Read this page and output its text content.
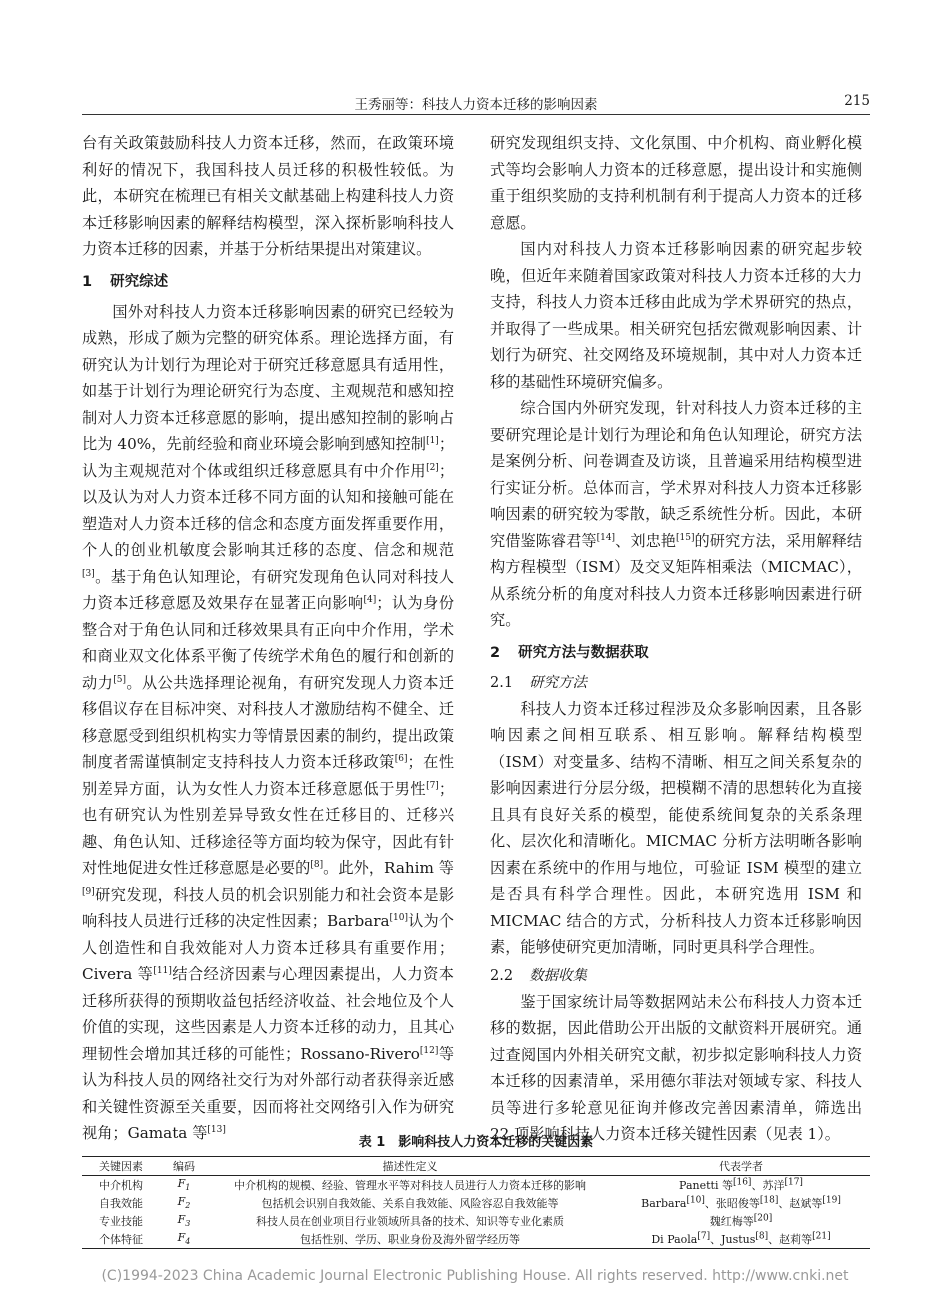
王秀丽等：科技人力资本迁移的影响因素	215

台有关政策鼓励科技人力资本迁移，然而，在政策环境利好的情况下，我国科技人员迁移的积极性较低。为此，本研究在梳理已有相关文献基础上构建科技人力资本迁移影响因素的解释结构模型，深入探析影响科技人力资本迁移的因素，并基于分析结果提出对策建议。

1 研究综述

国外对科技人力资本迁移影响因素的研究已经较为成熟，形成了颇为完整的研究体系。理论选择方面，有研究认为计划行为理论对于研究迁移意愿具有适用性，如基于计划行为理论研究行为态度、主观规范和感知控制对人力资本迁移意愿的影响，提出感知控制的影响占比为 40%，先前经验和商业环境会影响到感知控制[1]；认为主观规范对个体或组织迁移意愿具有中介作用[2]；以及认为对人力资本迁移不同方面的认知和接触可能在塑造对人力资本迁移的信念和态度方面发挥重要作用，个人的创业机敏度会影响其迁移的态度、信念和规范[3]。基于角色认知理论，有研究发现角色认同对科技人力资本迁移意愿及效果存在显著正向影响[4]；认为身份整合对于角色认同和迁移效果具有正向中介作用，学术和商业双文化体系平衡了传统学术角色的履行和创新的动力[5]。从公共选择理论视角，有研究发现人力资本迁移倡议存在目标冲突、对科技人才激励结构不健全、迁移意愿受到组织机构实力等情景因素的制约，提出政策制度者需谨慎制定支持科技人力资本迁移政策[6]；在性别差异方面，认为女性人力资本迁移意愿低于男性[7]；也有研究认为性别差异导致女性在迁移目的、迁移兴趣、角色认知、迁移途径等方面均较为保守，因此有针对性地促进女性迁移意愿是必要的[8]。此外，Rahim 等[9]研究发现，科技人员的机会识别能力和社会资本是影响科技人员进行迁移的决定性因素；Barbara[10]认为个人创造性和自我效能对人力资本迁移具有重要作用；Civera 等[11]结合经济因素与心理因素提出，人力资本迁移所获得的预期收益包括经济收益、社会地位及个人价值的实现，这些因素是人力资本迁移的动力，且其心理韧性会增加其迁移的可能性；Rossano-Rivero[12]等认为科技人员的网络社交行为对外部行动者获得亲近感和关键性资源至关重要，因而将社交网络引入作为研究视角；Gamata 等[13]

研究发现组织支持、文化氛围、中介机构、商业孵化模式等均会影响人力资本的迁移意愿，提出设计和实施侧重于组织奖励的支持利机制有利于提高人力资本的迁移意愿。

国内对科技人力资本迁移影响因素的研究起步较晚，但近年来随着国家政策对科技人力资本迁移的大力支持，科技人力资本迁移由此成为学术界研究的热点，并取得了一些成果。相关研究包括宏微观影响因素、计划行为研究、社交网络及环境规制，其中对人力资本迁移的基础性环境研究偏多。

综合国内外研究发现，针对科技人力资本迁移的主要研究理论是计划行为理论和角色认知理论，研究方法是案例分析、问卷调查及访谈，且普遍采用结构模型进行实证分析。总体而言，学术界对科技人力资本迁移影响因素的研究较为零散，缺乏系统性分析。因此，本研究借鉴陈睿君等[14]、刘忠艳[15]的研究方法，采用解释结构方程模型（ISM）及交叉矩阵相乘法（MICMAC），从系统分析的角度对科技人力资本迁移影响因素进行研究。

2 研究方法与数据获取
2.1 研究方法

科技人力资本迁移过程涉及众多影响因素，且各影响因素之间相互联系、相互影响。解释结构模型（ISM）对变量多、结构不清晰、相互之间关系复杂的影响因素进行分层分级，把模糊不清的思想转化为直接且具有良好关系的模型，能使系统间复杂的关系条理化、层次化和清晰化。MICMAC 分析方法明晰各影响因素在系统中的作用与地位，可验证 ISM 模型的建立是否具有科学合理性。因此，本研究选用 ISM 和 MICMAC 结合的方式，分析科技人力资本迁移影响因素，能够使研究更加清晰，同时更具科学合理性。

2.2 数据收集

鉴于国家统计局等数据网站未公布科技人力资本迁移的数据，因此借助公开出版的文献资料开展研究。通过查阅国内外相关研究文献，初步拟定影响科技人力资本迁移的因素清单，采用德尔菲法对领域专家、科技人员等进行多轮意见征询并修改完善因素清单，筛选出 22 项影响科技人力资本迁移关键性因素（见表 1）。

表 1　影响科技人力资本迁移的关键因素
关键因素	编码	描述性定义	代表学者
中介机构	$F_1$	中介机构的规模、经验、管理水平等对科技人员进行人力资本迁移的影响	Panetti 等[16]、苏洋[17]
自我效能	$F_2$	包括机会识别自我效能、关系自我效能、风险容忍自我效能等	Barbara[10]、张昭俊等[18]、赵斌等[19]
专业技能	$F_3$	科技人员在创业项目行业领域所具备的技术、知识等专业化素质	魏红梅等[20]
个体特征	$F_4$	包括性别、学历、职业身份及海外留学经历等	Di Paola[7]、Justus[8]、赵莉等[21]
(C)1994-2023 China Academic Journal Electronic Publishing House. All rights reserved. http://www.cnki.net
